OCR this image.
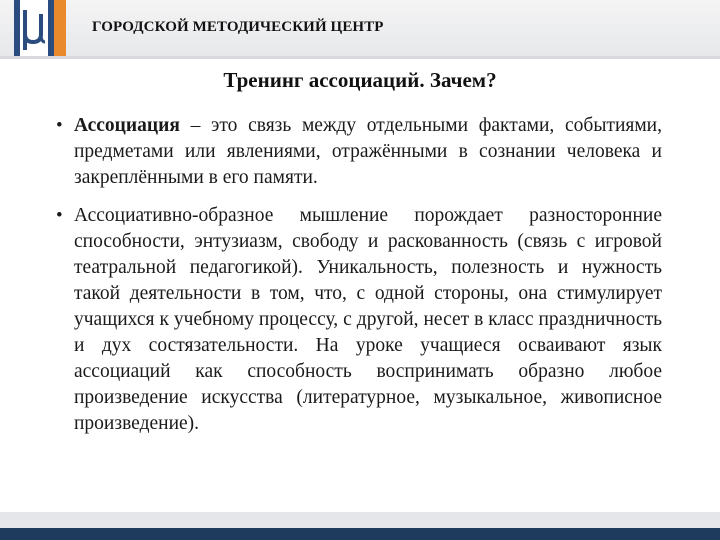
ГОРОДСКОЙ МЕТОДИЧЕСКИЙ ЦЕНТР
Тренинг ассоциаций. Зачем?
• Ассоциация – это связь между отдельными фактами, событиями, предметами или явлениями, отражёнными в сознании человека и закреплёнными в его памяти.
• Ассоциативно-образное мышление порождает разносторонние способности, энтузиазм, свободу и раскованность (связь с игровой театральной педагогикой). Уникальность, полезность и нужность такой деятельности в том, что, с одной стороны, она стимулирует учащихся к учебному процессу, с другой, несет в класс праздничность и дух состязательности. На уроке учащиеся осваивают язык ассоциаций как способность воспринимать образно любое произведение искусства (литературное, музыкальное, живописное произведение).
